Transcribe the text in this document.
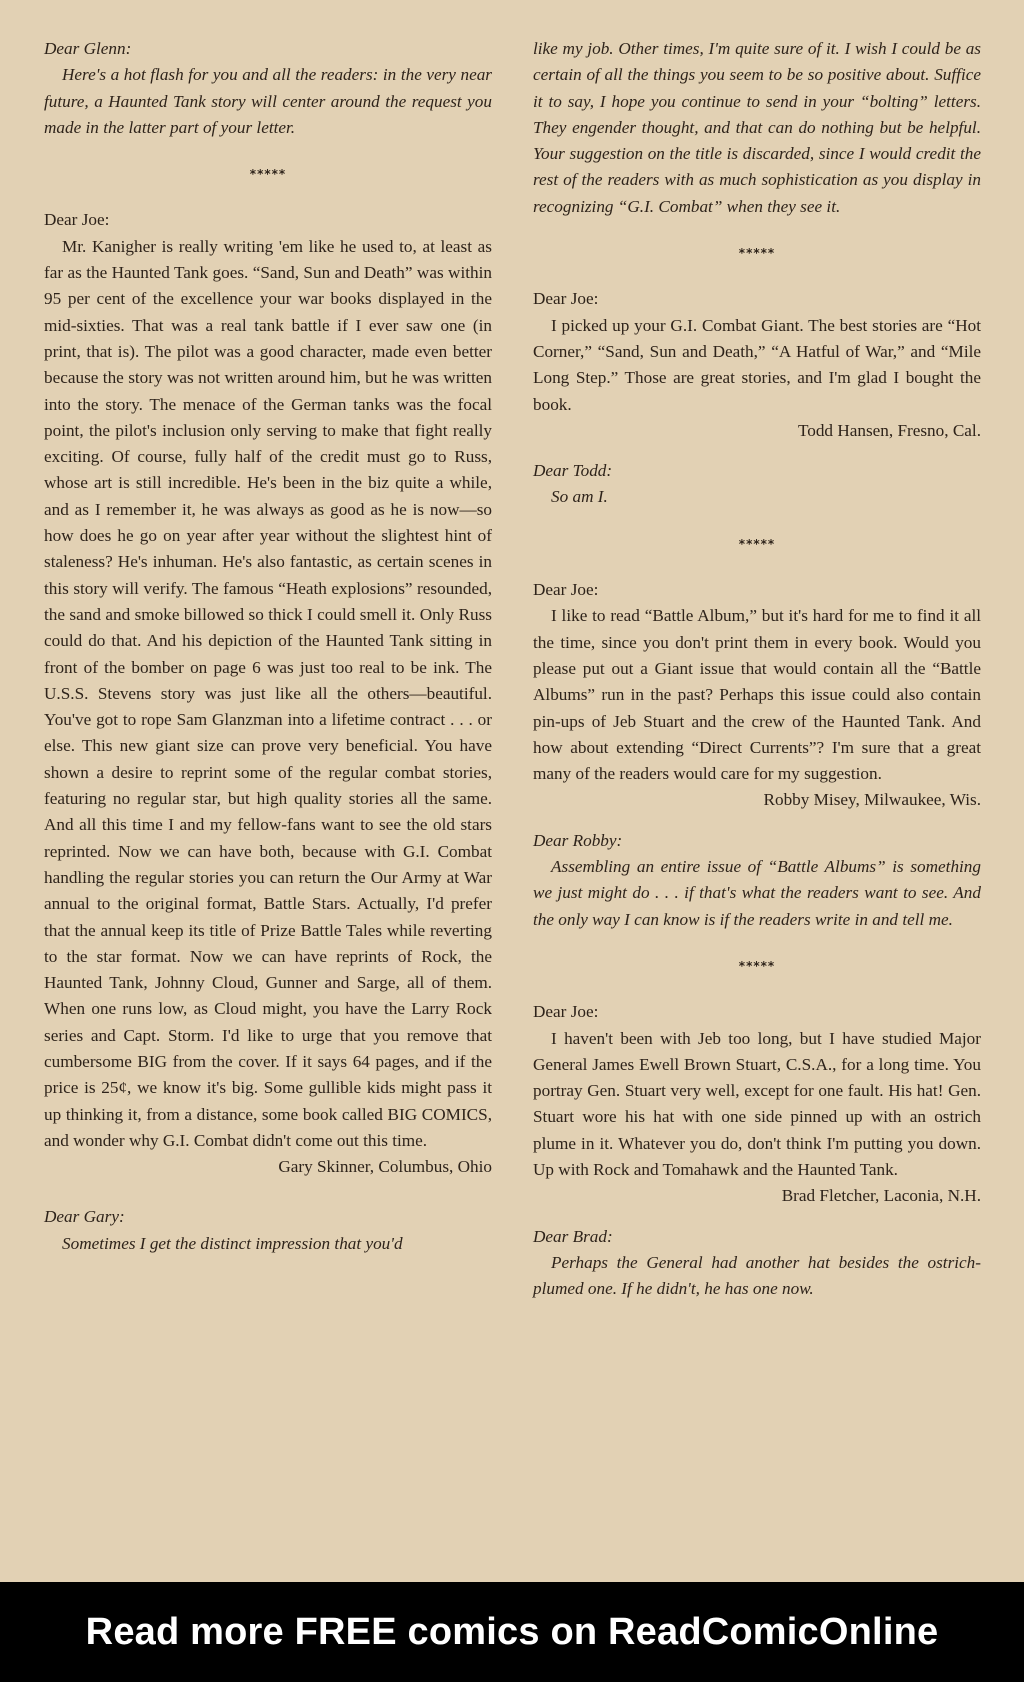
Dear Glenn:

Here's a hot flash for you and all the readers: in the very near future, a Haunted Tank story will center around the request you made in the latter part of your letter.

*****

Dear Joe:

Mr. Kanigher is really writing 'em like he used to, at least as far as the Haunted Tank goes. “Sand, Sun and Death” was within 95 per cent of the excellence your war books displayed in the mid-sixties. That was a real tank battle if I ever saw one (in print, that is). The pilot was a good character, made even better because the story was not written around him, but he was written into the story. The menace of the German tanks was the focal point, the pilot's inclusion only serving to make that fight really exciting. Of course, fully half of the credit must go to Russ, whose art is still incredible. He's been in the biz quite a while, and as I remember it, he was always as good as he is now—so how does he go on year after year without the slightest hint of staleness? He's inhuman. He's also fantastic, as certain scenes in this story will verify. The famous “Heath explosions” resounded, the sand and smoke billowed so thick I could smell it. Only Russ could do that. And his depiction of the Haunted Tank sitting in front of the bomber on page 6 was just too real to be ink. The U.S.S. Stevens story was just like all the others—beautiful. You've got to rope Sam Glanzman into a lifetime contract . . . or else. This new giant size can prove very beneficial. You have shown a desire to reprint some of the regular combat stories, featuring no regular star, but high quality stories all the same. And all this time I and my fellow-fans want to see the old stars reprinted. Now we can have both, because with G.I. Combat handling the regular stories you can return the Our Army at War annual to the original format, Battle Stars. Actually, I'd prefer that the annual keep its title of Prize Battle Tales while reverting to the star format. Now we can have reprints of Rock, the Haunted Tank, Johnny Cloud, Gunner and Sarge, all of them. When one runs low, as Cloud might, you have the Larry Rock series and Capt. Storm. I'd like to urge that you remove that cumbersome BIG from the cover. If it says 64 pages, and if the price is 25¢, we know it's big. Some gullible kids might pass it up thinking it, from a distance, some book called BIG COMICS, and wonder why G.I. Combat didn't come out this time.

Gary Skinner, Columbus, Ohio

Dear Gary:

Sometimes I get the distinct impression that you'd

like my job. Other times, I'm quite sure of it. I wish I could be as certain of all the things you seem to be so positive about. Suffice it to say, I hope you continue to send in your “bolting” letters. They engender thought, and that can do nothing but be helpful. Your suggestion on the title is discarded, since I would credit the rest of the readers with as much sophistication as you display in recognizing “G.I. Combat” when they see it.

*****

Dear Joe:

I picked up your G.I. Combat Giant. The best stories are “Hot Corner,” “Sand, Sun and Death,” “A Hatful of War,” and “Mile Long Step.” Those are great stories, and I'm glad I bought the book.

Todd Hansen, Fresno, Cal.

Dear Todd:

So am I.

*****

Dear Joe:

I like to read “Battle Album,” but it's hard for me to find it all the time, since you don't print them in every book. Would you please put out a Giant issue that would contain all the “Battle Albums” run in the past? Perhaps this issue could also contain pin-ups of Jeb Stuart and the crew of the Haunted Tank. And how about extending “Direct Currents”? I'm sure that a great many of the readers would care for my suggestion.

Robby Misey, Milwaukee, Wis.

Dear Robby:

Assembling an entire issue of “Battle Albums” is something we just might do . . . if that's what the readers want to see. And the only way I can know is if the readers write in and tell me.

*****

Dear Joe:

I haven't been with Jeb too long, but I have studied Major General James Ewell Brown Stuart, C.S.A., for a long time. You portray Gen. Stuart very well, except for one fault. His hat! Gen. Stuart wore his hat with one side pinned up with an ostrich plume in it. Whatever you do, don't think I'm putting you down. Up with Rock and Tomahawk and the Haunted Tank.

Brad Fletcher, Laconia, N.H.

Dear Brad:

Perhaps the General had another hat besides the ostrich-plumed one. If he didn't, he has one now.

Read more FREE comics on ReadComicOnline
